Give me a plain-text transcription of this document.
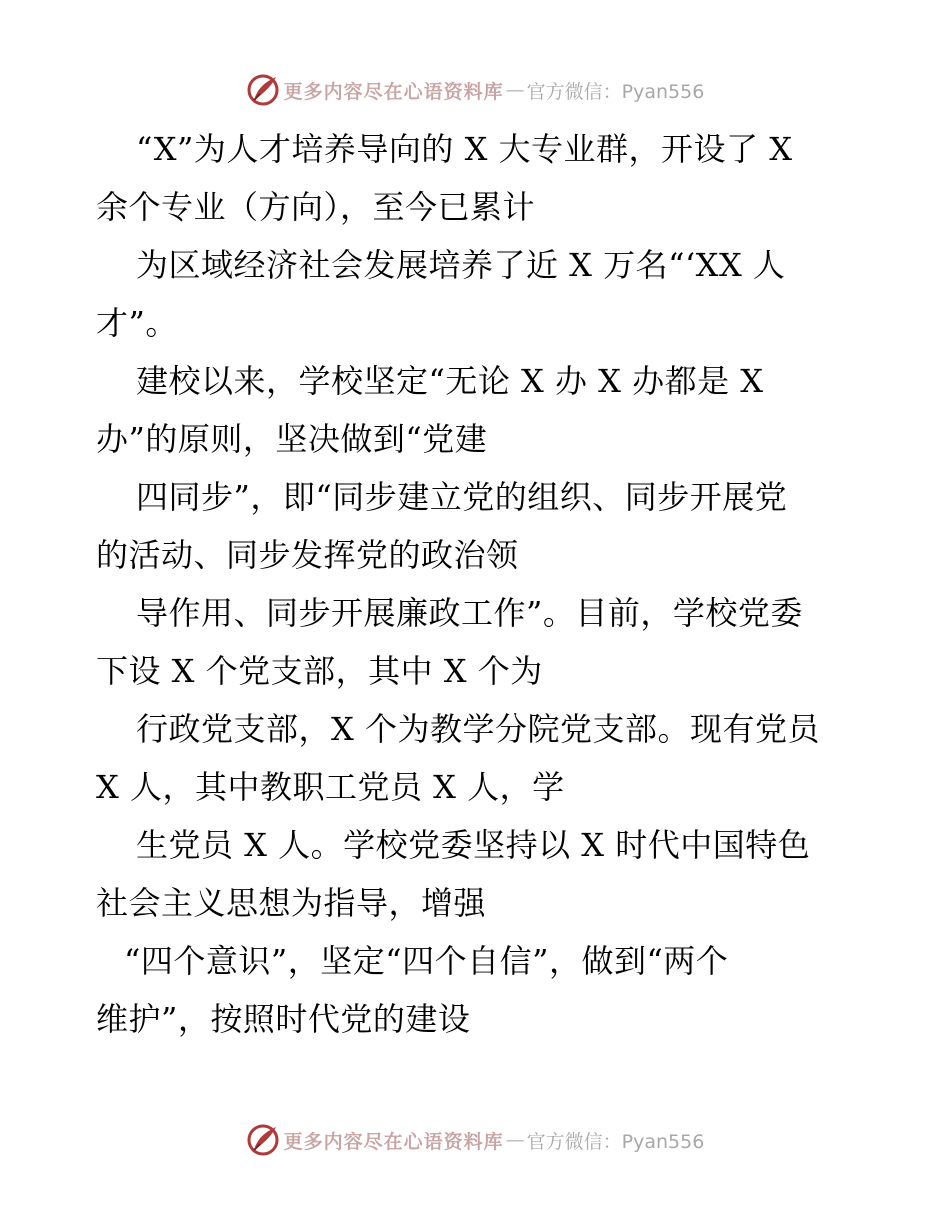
更多内容尽在心语资料库 — 官方微信：Pyan556
“X”为人才培养导向的 X 大专业群，开设了 X
余个专业（方向），至今已累计
为区域经济社会发展培养了近 X 万名“‘XX 人
才”。
建校以来，学校坚定“无论 X 办 X 办都是 X
办”的原则，坚决做到“党建
四同步”，即“同步建立党的组织、同步开展党
的活动、同步发挥党的政治领
导作用、同步开展廉政工作”。目前，学校党委
下设 X 个党支部，其中 X 个为
行政党支部，X 个为教学分院党支部。现有党员
X 人，其中教职工党员 X 人，学
生党员 X 人。学校党委坚持以 X 时代中国特色
社会主义思想为指导，增强
“四个意识”，坚定“四个自信”，做到“两个
维护”，按照时代党的建设
更多内容尽在心语资料库 — 官方微信：Pyan556
